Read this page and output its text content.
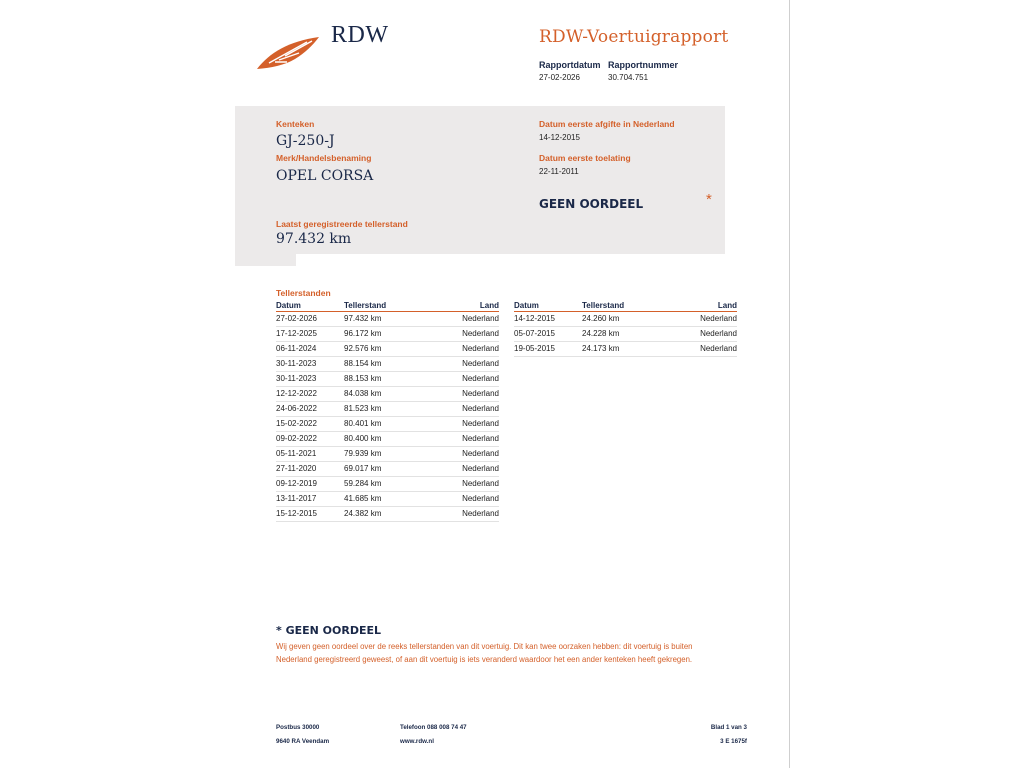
RDW	RDW-Voertuigrapport
Rapportdatum Rapportnummer
27-02-2026	30.704.751
Kenteken
GJ-250-J
Merk/Handelsbenaming
OPEL CORSA
Laatst geregistreerde tellerstand
97.432 km
Datum eerste afgifte in Nederland
14-12-2015
Datum eerste toelating
22-11-2011
GEEN OORDEEL	*
Tellerstanden
Datum	Tellerstand	Land
27-02-2026	97.432 km	Nederland
17-12-2025	96.172 km	Nederland
06-11-2024	92.576 km	Nederland
30-11-2023	88.154 km	Nederland
30-11-2023	88.153 km	Nederland
12-12-2022	84.038 km	Nederland
24-06-2022	81.523 km	Nederland
15-02-2022	80.401 km	Nederland
09-02-2022	80.400 km	Nederland
05-11-2021	79.939 km	Nederland
27-11-2020	69.017 km	Nederland
09-12-2019	59.284 km	Nederland
13-11-2017	41.685 km	Nederland
15-12-2015	24.382 km	Nederland
Datum	Tellerstand	Land
14-12-2015	24.260 km	Nederland
05-07-2015	24.228 km	Nederland
19-05-2015	24.173 km	Nederland
* GEEN OORDEEL
Wij geven geen oordeel over de reeks tellerstanden van dit voertuig. Dit kan twee oorzaken hebben: dit voertuig is buiten Nederland geregistreerd geweest, of aan dit voertuig is iets veranderd waardoor het een ander kenteken heeft gekregen.
Postbus 30000
9640 RA Veendam
Telefoon 088 008 74 47
www.rdw.nl
Blad 1 van 3
3 E 1675f
